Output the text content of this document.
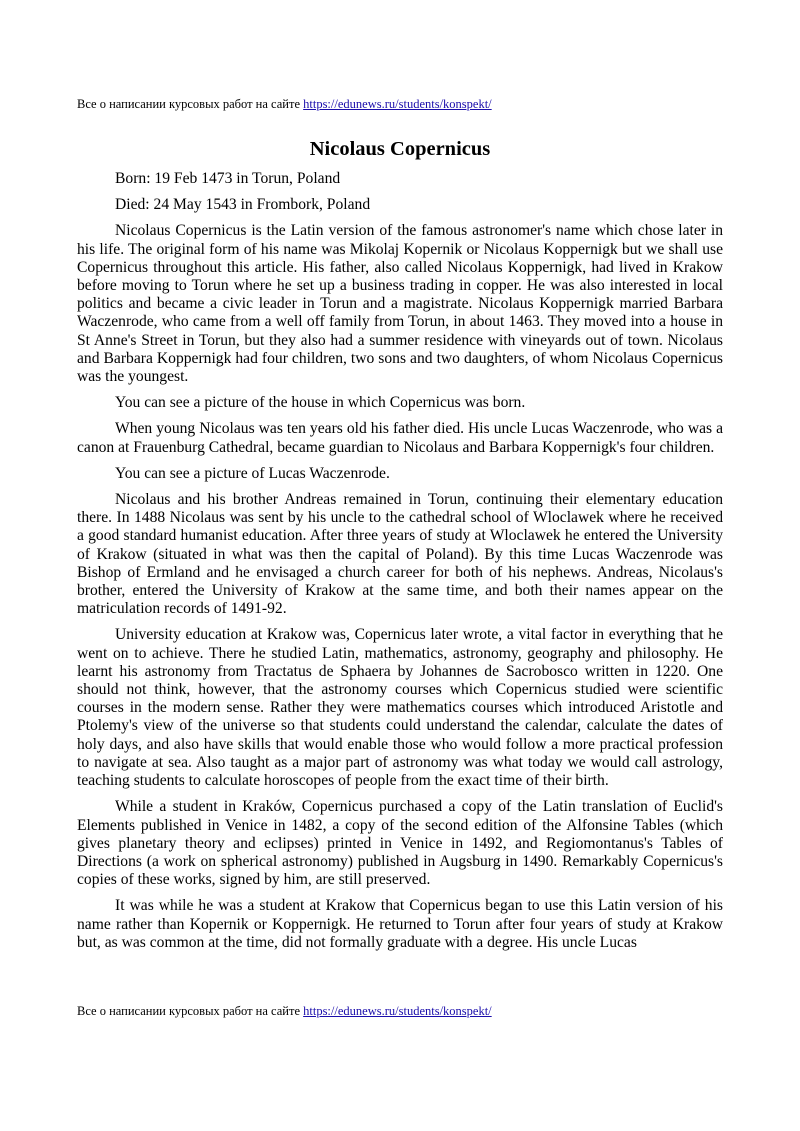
Все о написании курсовых работ на сайте https://edunews.ru/students/konspekt/
Nicolaus Copernicus

Born: 19 Feb 1473 in Torun, Poland

Died: 24 May 1543 in Frombork, Poland

Nicolaus Copernicus is the Latin version of the famous astronomer's name which chose later in his life. The original form of his name was Mikolaj Kopernik or Nicolaus Koppernigk but we shall use Copernicus throughout this article. His father, also called Nicolaus Koppernigk, had lived in Krakow before moving to Torun where he set up a business trading in copper. He was also interested in local politics and became a civic leader in Torun and a magistrate. Nicolaus Koppernigk married Barbara Waczenrode, who came from a well off family from Torun, in about 1463. They moved into a house in St Anne's Street in Torun, but they also had a summer residence with vineyards out of town. Nicolaus and Barbara Koppernigk had four children, two sons and two daughters, of whom Nicolaus Copernicus was the youngest.

You can see a picture of the house in which Copernicus was born.

When young Nicolaus was ten years old his father died. His uncle Lucas Waczenrode, who was a canon at Frauenburg Cathedral, became guardian to Nicolaus and Barbara Koppernigk's four children.

You can see a picture of Lucas Waczenrode.

Nicolaus and his brother Andreas remained in Torun, continuing their elementary education there. In 1488 Nicolaus was sent by his uncle to the cathedral school of Wloclawek where he received a good standard humanist education. After three years of study at Wloclawek he entered the University of Krakow (situated in what was then the capital of Poland). By this time Lucas Waczenrode was Bishop of Ermland and he envisaged a church career for both of his nephews. Andreas, Nicolaus's brother, entered the University of Krakow at the same time, and both their names appear on the matriculation records of 1491-92.

University education at Krakow was, Copernicus later wrote, a vital factor in everything that he went on to achieve. There he studied Latin, mathematics, astronomy, geography and philosophy. He learnt his astronomy from Tractatus de Sphaera by Johannes de Sacrobosco written in 1220. One should not think, however, that the astronomy courses which Copernicus studied were scientific courses in the modern sense. Rather they were mathematics courses which introduced Aristotle and Ptolemy's view of the universe so that students could understand the calendar, calculate the dates of holy days, and also have skills that would enable those who would follow a more practical profession to navigate at sea. Also taught as a major part of astronomy was what today we would call astrology, teaching students to calculate horoscopes of people from the exact time of their birth.

While a student in Kraków, Copernicus purchased a copy of the Latin translation of Euclid's Elements published in Venice in 1482, a copy of the second edition of the Alfonsine Tables (which gives planetary theory and eclipses) printed in Venice in 1492, and Regiomontanus's Tables of Directions (a work on spherical astronomy) published in Augsburg in 1490. Remarkably Copernicus's copies of these works, signed by him, are still preserved.

It was while he was a student at Krakow that Copernicus began to use this Latin version of his name rather than Kopernik or Koppernigk. He returned to Torun after four years of study at Krakow but, as was common at the time, did not formally graduate with a degree. His uncle Lucas

Все о написании курсовых работ на сайте https://edunews.ru/students/konspekt/
